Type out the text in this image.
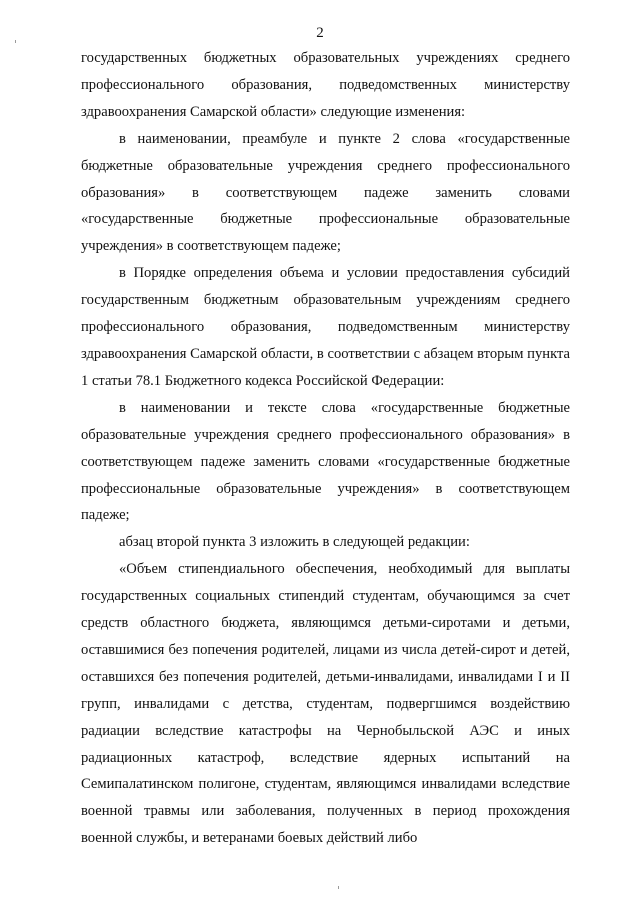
2

государственных бюджетных образовательных учреждениях среднего профессионального образования, подведомственных министерству здравоохранения Самарской области» следующие изменения:

в наименовании, преамбуле и пункте 2 слова «государственные бюджетные образовательные учреждения среднего профессионального образования» в соответствующем падеже заменить словами «государственные бюджетные профессиональные образовательные учреждения» в соответствующем падеже;

в Порядке определения объема и условии предоставления субсидий государственным бюджетным образовательным учреждениям среднего профессионального образования, подведомственным министерству здравоохранения Самарской области, в соответствии с абзацем вторым пункта 1 статьи 78.1 Бюджетного кодекса Российской Федерации:

в наименовании и тексте слова «государственные бюджетные образовательные учреждения среднего профессионального образования» в соответствующем падеже заменить словами «государственные бюджетные профессиональные образовательные учреждения» в соответствующем падеже;

абзац второй пункта 3 изложить в следующей редакции:

«Объем стипендиального обеспечения, необходимый для выплаты государственных социальных стипендий студентам, обучающимся за счет средств областного бюджета, являющимся детьми-сиротами и детьми, оставшимися без попечения родителей, лицами из числа детей-сирот и детей, оставшихся без попечения родителей, детьми-инвалидами, инвалидами I и II групп, инвалидами с детства, студентам, подвергшимся воздействию радиации вследствие катастрофы на Чернобыльской АЭС и иных радиационных катастроф, вследствие ядерных испытаний на Семипалатинском полигоне, студентам, являющимся инвалидами вследствие военной травмы или заболевания, полученных в период прохождения военной службы, и ветеранами боевых действий либо
